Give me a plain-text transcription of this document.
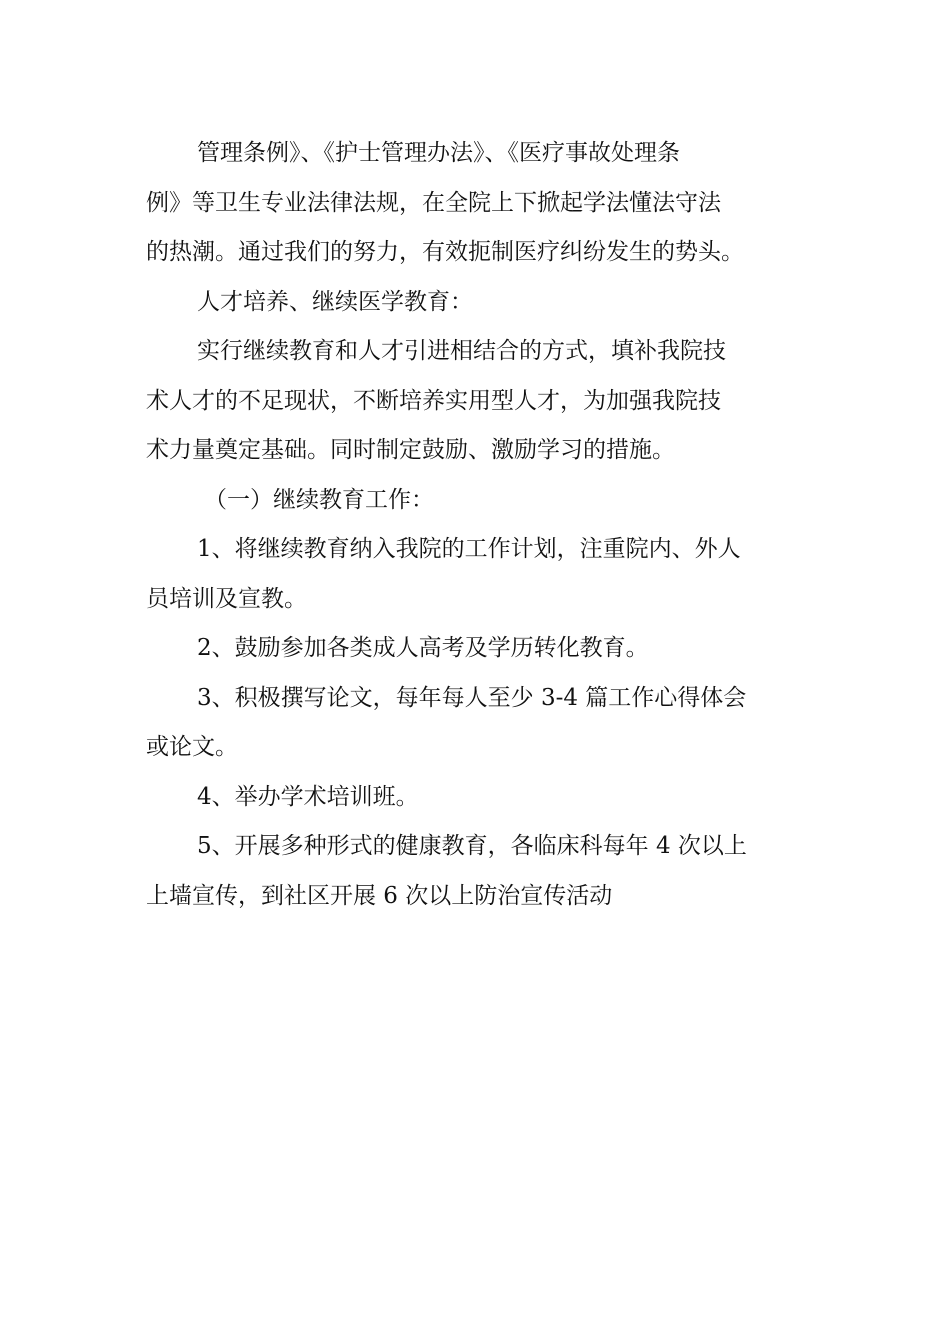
管理条例》、《护士管理办法》、《医疗事故处理条
例》等卫生专业法律法规，在全院上下掀起学法懂法守法
的热潮。通过我们的努力，有效扼制医疗纠纷发生的势头。
人才培养、继续医学教育：
实行继续教育和人才引进相结合的方式，填补我院技
术人才的不足现状，不断培养实用型人才，为加强我院技
术力量奠定基础。同时制定鼓励、激励学习的措施。
（一）继续教育工作：
1、将继续教育纳入我院的工作计划，注重院内、外人
员培训及宣教。
2、鼓励参加各类成人高考及学历转化教育。
3、积极撰写论文，每年每人至少 3-4 篇工作心得体会
或论文。
4、举办学术培训班。
5、开展多种形式的健康教育，各临床科每年 4 次以上
上墙宣传，到社区开展 6 次以上防治宣传活动
